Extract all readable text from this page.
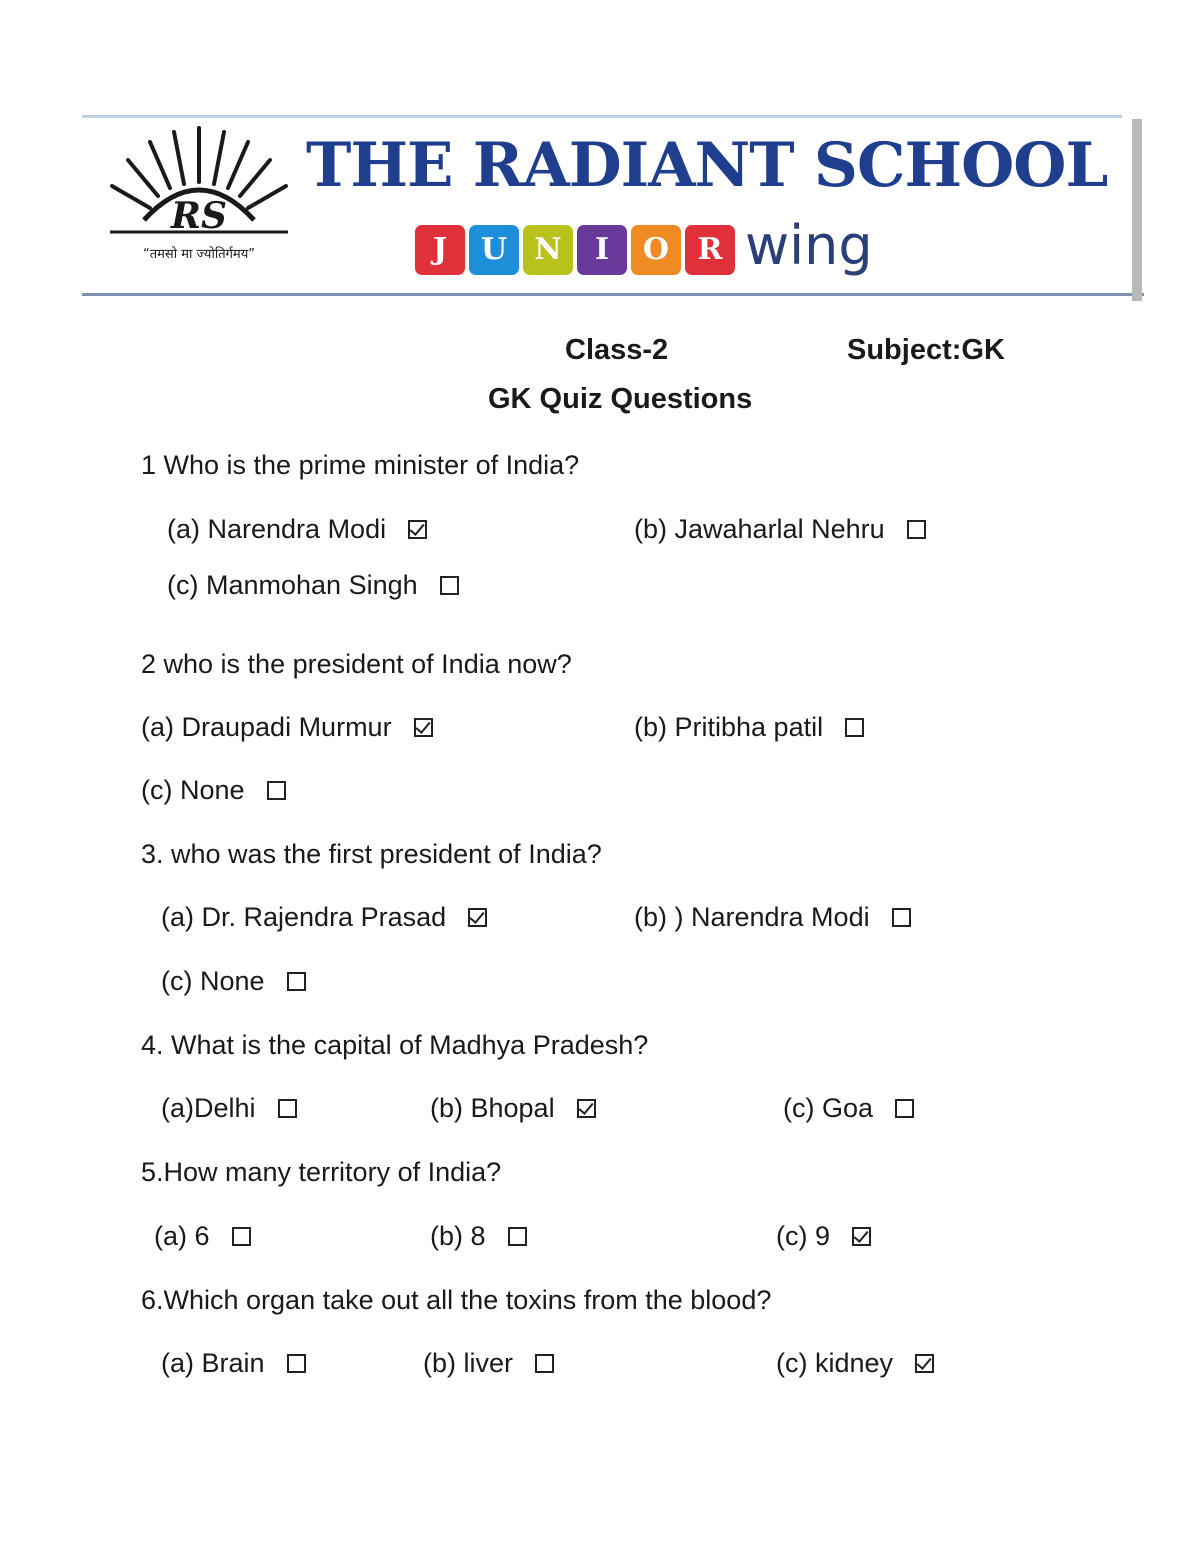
RS
“तमसो मा ज्योतिर्गमय”
THE RADIANT SCHOOL
J U N I O R wing
Class-2	Subject:GK
GK Quiz Questions
1 Who is the prime minister of India?
(a) Narendra Modi	(b) Jawaharlal Nehru
(c) Manmohan Singh
2 who is the president of India now?
(a) Draupadi Murmur	(b) Pritibha patil
(c) None
3. who was the first president of India?
(a) Dr. Rajendra Prasad	(b) ) Narendra Modi
(c) None
4. What is the capital of Madhya Pradesh?
(a)Delhi	(b) Bhopal	(c) Goa
5.How many territory of India?
(a) 6	(b) 8	(c) 9
6.Which organ take out all the toxins from the blood?
(a) Brain	(b) liver	(c) kidney
